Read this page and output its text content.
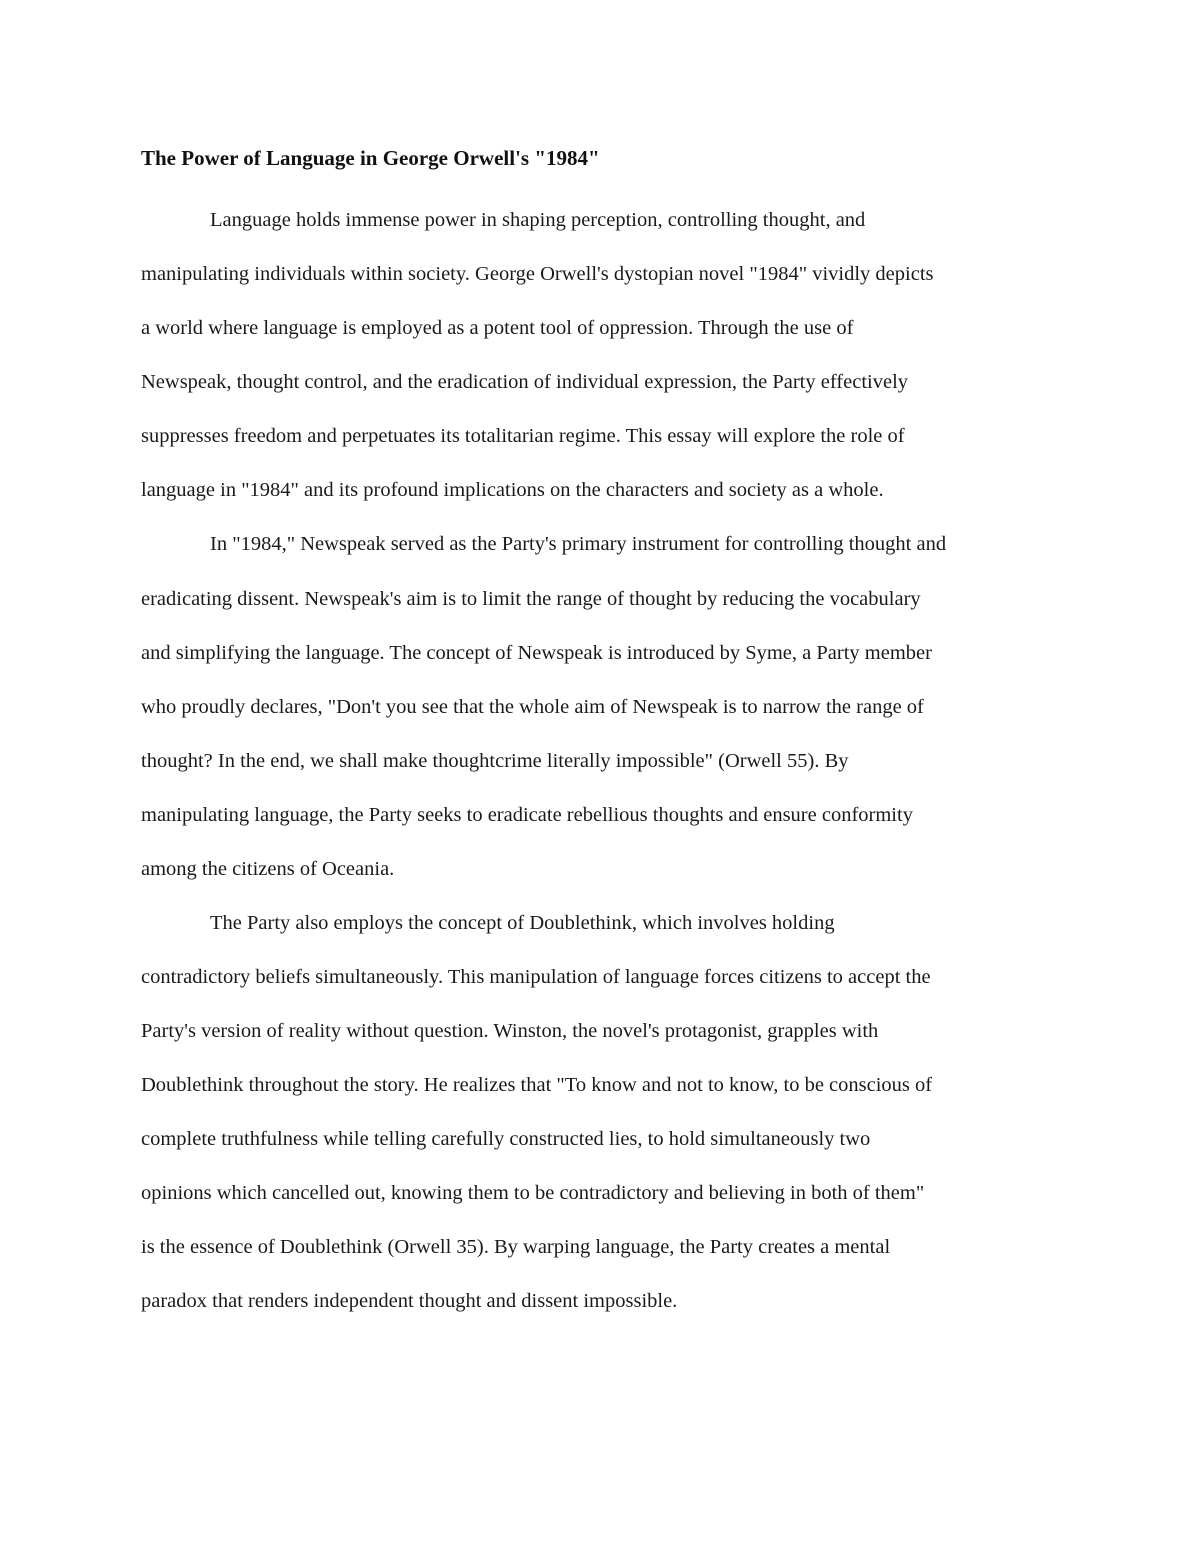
The Power of Language in George Orwell's "1984"

Language holds immense power in shaping perception, controlling thought, and

manipulating individuals within society. George Orwell's dystopian novel "1984" vividly depicts

a world where language is employed as a potent tool of oppression. Through the use of

Newspeak, thought control, and the eradication of individual expression, the Party effectively

suppresses freedom and perpetuates its totalitarian regime. This essay will explore the role of

language in "1984" and its profound implications on the characters and society as a whole.

In "1984," Newspeak served as the Party's primary instrument for controlling thought and

eradicating dissent. Newspeak's aim is to limit the range of thought by reducing the vocabulary

and simplifying the language. The concept of Newspeak is introduced by Syme, a Party member

who proudly declares, "Don't you see that the whole aim of Newspeak is to narrow the range of

thought? In the end, we shall make thoughtcrime literally impossible" (Orwell 55). By

manipulating language, the Party seeks to eradicate rebellious thoughts and ensure conformity

among the citizens of Oceania.

The Party also employs the concept of Doublethink, which involves holding

contradictory beliefs simultaneously. This manipulation of language forces citizens to accept the

Party's version of reality without question. Winston, the novel's protagonist, grapples with

Doublethink throughout the story. He realizes that "To know and not to know, to be conscious of

complete truthfulness while telling carefully constructed lies, to hold simultaneously two

opinions which cancelled out, knowing them to be contradictory and believing in both of them"

is the essence of Doublethink (Orwell 35). By warping language, the Party creates a mental

paradox that renders independent thought and dissent impossible.
